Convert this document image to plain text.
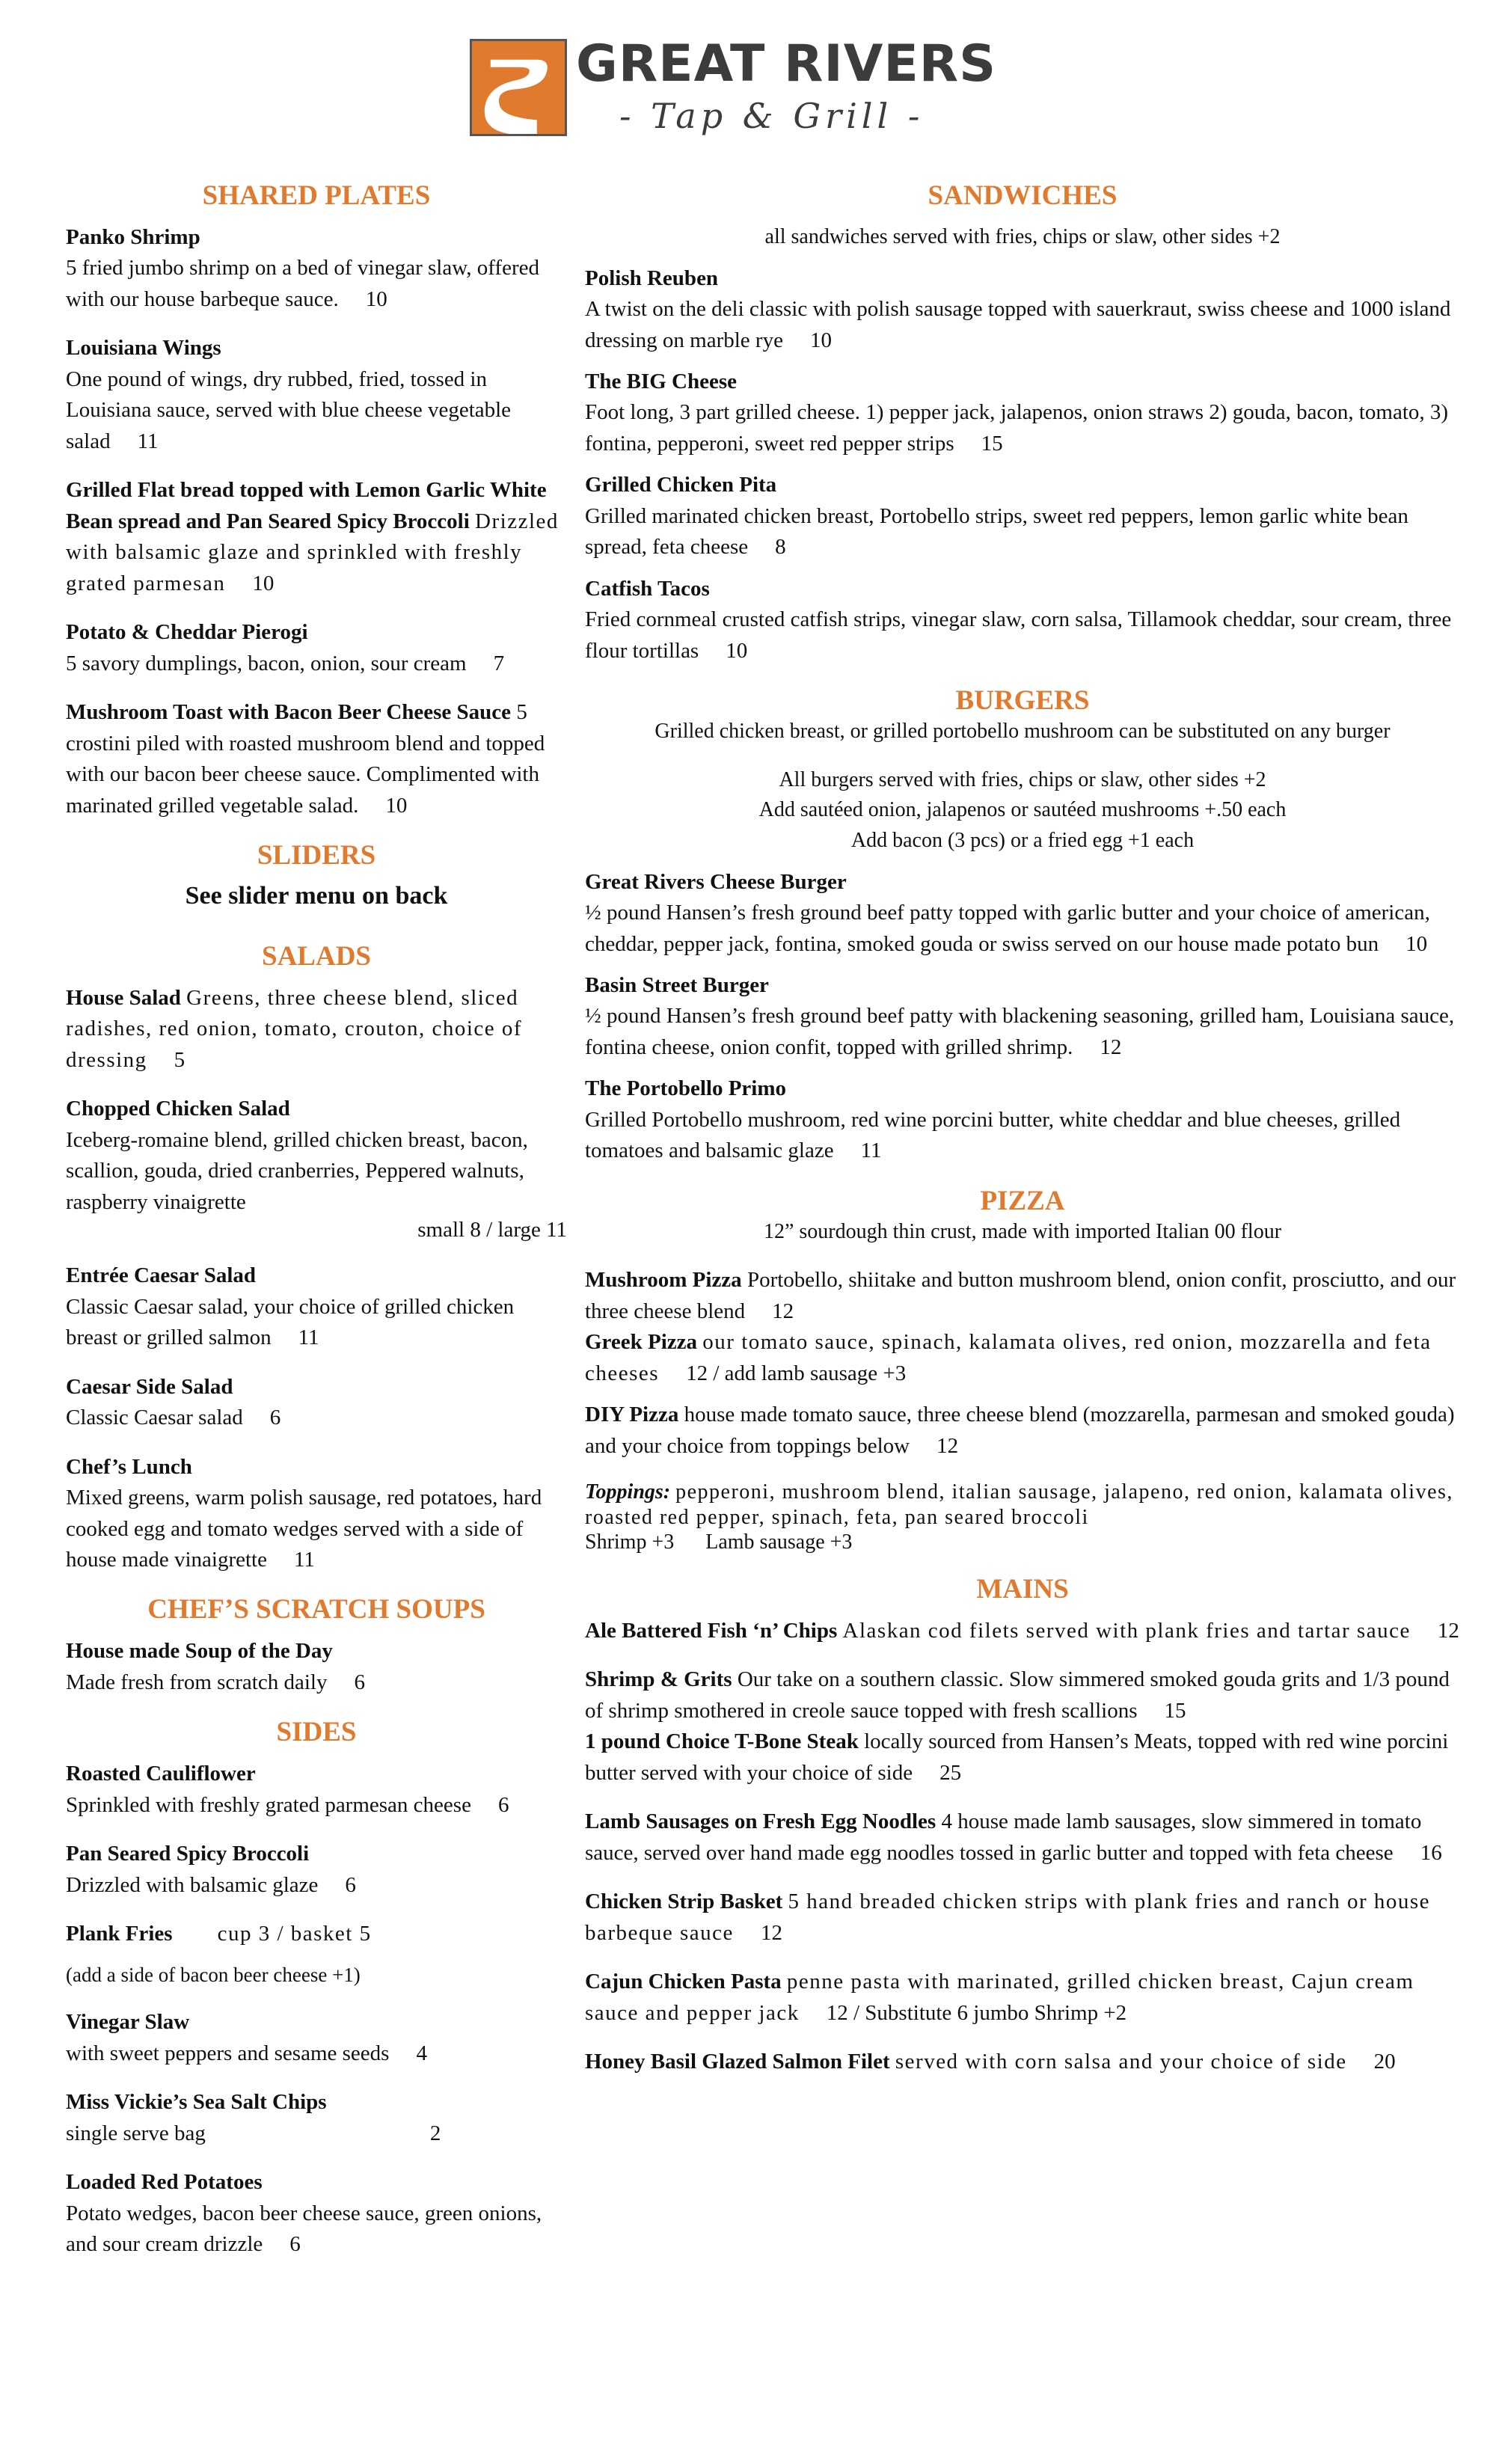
GREAT RIVERS
- Tap & Grill -

SHARED PLATES

Panko Shrimp
5 fried jumbo shrimp on a bed of vinegar slaw, offered with our house barbeque sauce. 10

Louisiana Wings
One pound of wings, dry rubbed, fried, tossed in Louisiana sauce, served with blue cheese vegetable salad 11

Grilled Flat bread topped with Lemon Garlic White Bean spread and Pan Seared Spicy Broccoli Drizzled with balsamic glaze and sprinkled with freshly grated parmesan 10

Potato & Cheddar Pierogi
5 savory dumplings, bacon, onion, sour cream 7

Mushroom Toast with Bacon Beer Cheese Sauce 5 crostini piled with roasted mushroom blend and topped with our bacon beer cheese sauce. Complimented with marinated grilled vegetable salad. 10

SLIDERS

See slider menu on back

SALADS

House Salad Greens, three cheese blend, sliced radishes, red onion, tomato, crouton, choice of dressing 5

Chopped Chicken Salad
Iceberg-romaine blend, grilled chicken breast, bacon, scallion, gouda, dried cranberries, Peppered walnuts, raspberry vinaigrette

small 8 / large 11

Entrée Caesar Salad
Classic Caesar salad, your choice of grilled chicken breast or grilled salmon 11

Caesar Side Salad
Classic Caesar salad 6

Chef’s Lunch
Mixed greens, warm polish sausage, red potatoes, hard cooked egg and tomato wedges served with a side of house made vinaigrette 11

CHEF’S SCRATCH SOUPS

House made Soup of the Day
Made fresh from scratch daily 6

SIDES

Roasted Cauliflower
Sprinkled with freshly grated parmesan cheese 6

Pan Seared Spicy Broccoli
Drizzled with balsamic glaze 6

Plank Fries cup 3 / basket 5

(add a side of bacon beer cheese +1)

Vinegar Slaw
with sweet peppers and sesame seeds 4

Miss Vickie’s Sea Salt Chips
single serve bag	2

Loaded Red Potatoes
Potato wedges, bacon beer cheese sauce, green onions, and sour cream drizzle 6

SANDWICHES

all sandwiches served with fries, chips or slaw, other sides +2

Polish Reuben
A twist on the deli classic with polish sausage topped with sauerkraut, swiss cheese and 1000 island dressing on marble rye 10

The BIG Cheese
Foot long, 3 part grilled cheese. 1) pepper jack, jalapenos, onion straws 2) gouda, bacon, tomato, 3) fontina, pepperoni, sweet red pepper strips 15

Grilled Chicken Pita
Grilled marinated chicken breast, Portobello strips, sweet red peppers, lemon garlic white bean spread, feta cheese 8

Catfish Tacos
Fried cornmeal crusted catfish strips, vinegar slaw, corn salsa, Tillamook cheddar, sour cream, three flour tortillas 10

BURGERS

Grilled chicken breast, or grilled portobello mushroom can be substituted on any burger

All burgers served with fries, chips or slaw, other sides +2

Add sautéed onion, jalapenos or sautéed mushrooms +.50 each

Add bacon (3 pcs) or a fried egg +1 each

Great Rivers Cheese Burger
½ pound Hansen’s fresh ground beef patty topped with garlic butter and your choice of american, cheddar, pepper jack, fontina, smoked gouda or swiss served on our house made potato bun 10

Basin Street Burger
½ pound Hansen’s fresh ground beef patty with blackening seasoning, grilled ham, Louisiana sauce, fontina cheese, onion confit, topped with grilled shrimp. 12

The Portobello Primo
Grilled Portobello mushroom, red wine porcini butter, white cheddar and blue cheeses, grilled tomatoes and balsamic glaze 11

PIZZA

12” sourdough thin crust, made with imported Italian 00 flour

Mushroom Pizza Portobello, shiitake and button mushroom blend, onion confit, prosciutto, and our three cheese blend 12

Greek Pizza our tomato sauce, spinach, kalamata olives, red onion, mozzarella and feta cheeses 12 / add lamb sausage +3

DIY Pizza house made tomato sauce, three cheese blend (mozzarella, parmesan and smoked gouda) and your choice from toppings below 12

Toppings: pepperoni, mushroom blend, italian sausage, jalapeno, red onion, kalamata olives, roasted red pepper, spinach, feta, pan seared broccoli
Shrimp +3      Lamb sausage +3

MAINS

Ale Battered Fish ‘n’ Chips Alaskan cod filets served with plank fries and tartar sauce 12

Shrimp & Grits Our take on a southern classic. Slow simmered smoked gouda grits and 1/3 pound of shrimp smothered in creole sauce topped with fresh scallions 15

1 pound Choice T-Bone Steak locally sourced from Hansen’s Meats, topped with red wine porcini butter served with your choice of side 25

Lamb Sausages on Fresh Egg Noodles 4 house made lamb sausages, slow simmered in tomato sauce, served over hand made egg noodles tossed in garlic butter and topped with feta cheese 16

Chicken Strip Basket 5 hand breaded chicken strips with plank fries and ranch or house barbeque sauce 12

Cajun Chicken Pasta penne pasta with marinated, grilled chicken breast, Cajun cream sauce and pepper jack 12 / Substitute 6 jumbo Shrimp +2

Honey Basil Glazed Salmon Filet served with corn salsa and your choice of side 20
